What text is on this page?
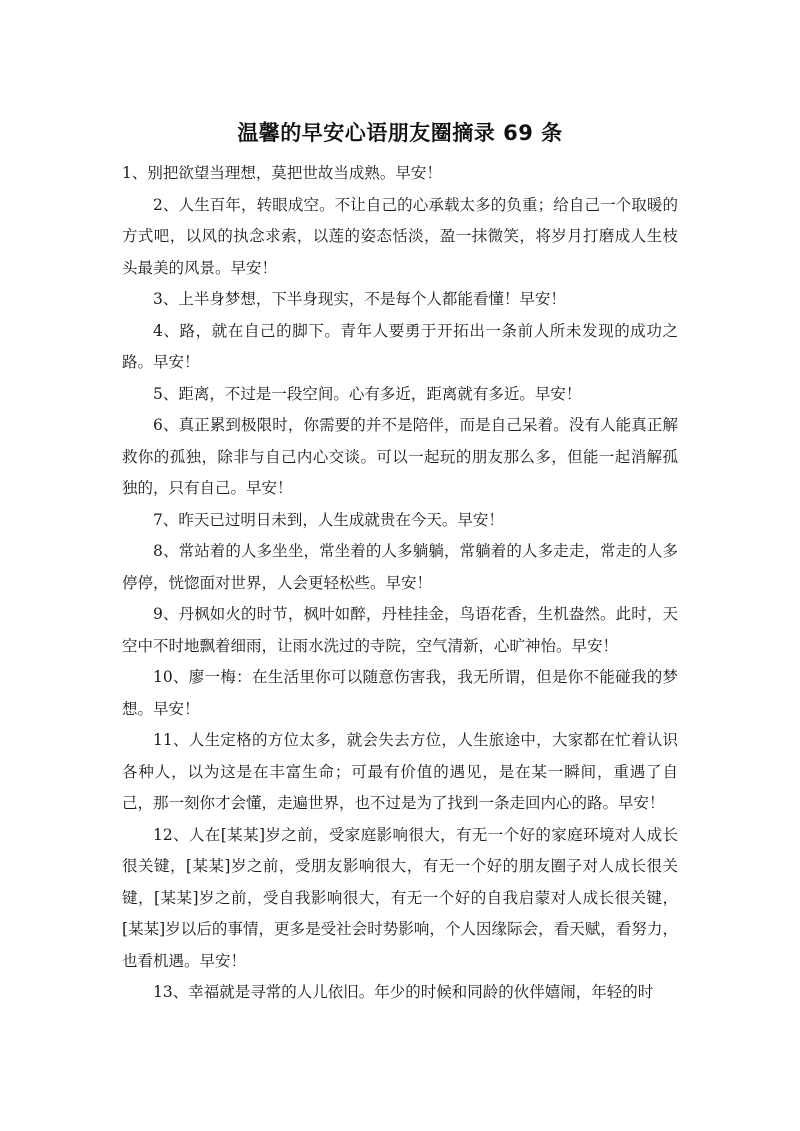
温馨的早安心语朋友圈摘录 69 条

1、别把欲望当理想，莫把世故当成熟。早安！

2、人生百年，转眼成空。不让自己的心承载太多的负重；给自己一个取暖的方式吧，以风的执念求索，以莲的姿态恬淡，盈一抹微笑，将岁月打磨成人生枝头最美的风景。早安！

3、上半身梦想，下半身现实，不是每个人都能看懂！早安！

4、路，就在自己的脚下。青年人要勇于开拓出一条前人所未发现的成功之路。早安！

5、距离，不过是一段空间。心有多近，距离就有多近。早安！

6、真正累到极限时，你需要的并不是陪伴，而是自己呆着。没有人能真正解救你的孤独，除非与自己内心交谈。可以一起玩的朋友那么多，但能一起消解孤独的，只有自己。早安！

7、昨天已过明日未到，人生成就贵在今天。早安！

8、常站着的人多坐坐，常坐着的人多躺躺，常躺着的人多走走，常走的人多停停，恍惚面对世界，人会更轻松些。早安！

9、丹枫如火的时节，枫叶如醉，丹桂挂金，鸟语花香，生机盎然。此时，天空中不时地飘着细雨，让雨水洗过的寺院，空气清新，心旷神怡。早安！

10、廖一梅：在生活里你可以随意伤害我，我无所谓，但是你不能碰我的梦想。早安！

11、人生定格的方位太多，就会失去方位，人生旅途中，大家都在忙着认识各种人，以为这是在丰富生命；可最有价值的遇见，是在某一瞬间，重遇了自己，那一刻你才会懂，走遍世界，也不过是为了找到一条走回内心的路。早安！

12、人在[某某]岁之前，受家庭影响很大，有无一个好的家庭环境对人成长很关键，[某某]岁之前，受朋友影响很大，有无一个好的朋友圈子对人成长很关键，[某某]岁之前，受自我影响很大，有无一个好的自我启蒙对人成长很关键，[某某]岁以后的事情，更多是受社会时势影响，个人因缘际会，看天赋，看努力，也看机遇。早安！

13、幸福就是寻常的人儿依旧。年少的时候和同龄的伙伴嬉闹，年轻的时
